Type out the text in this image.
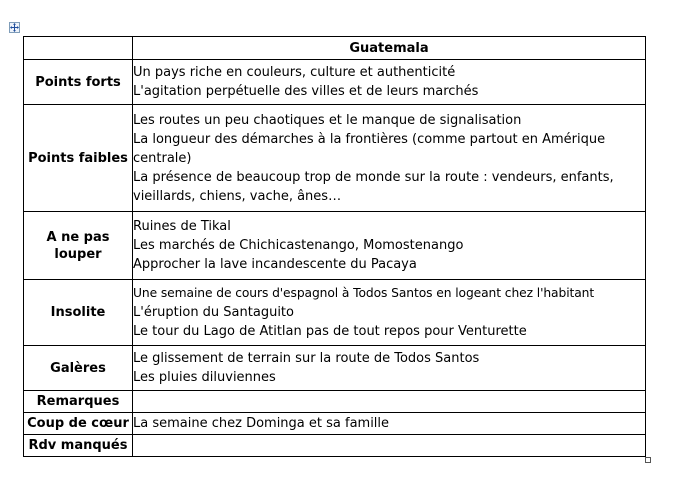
	Guatemala
Points forts	Un pays riche en couleurs, culture et authenticité
L'agitation perpétuelle des villes et de leurs marchés

Points faibles	Les routes un peu chaotiques et le manque de signalisation
La longueur des démarches à la frontières (comme partout en Amérique centrale)
La présence de beaucoup trop de monde sur la route : vendeurs, enfants, vieillards, chiens, vache, ânes…

A ne pas louper	Ruines de Tikal
Les marchés de Chichicastenango, Momostenango
Approcher la lave incandescente du Pacaya

Insolite	Une semaine de cours d'espagnol à Todos Santos en logeant chez l'habitant
L'éruption du Santaguito
Le tour du Lago de Atitlan pas de tout repos pour Venturette

Galères	Le glissement de terrain sur la route de Todos Santos
Les pluies diluviennes

Remarques	
Coup de cœur	La semaine chez Dominga et sa famille

Rdv manqués	
